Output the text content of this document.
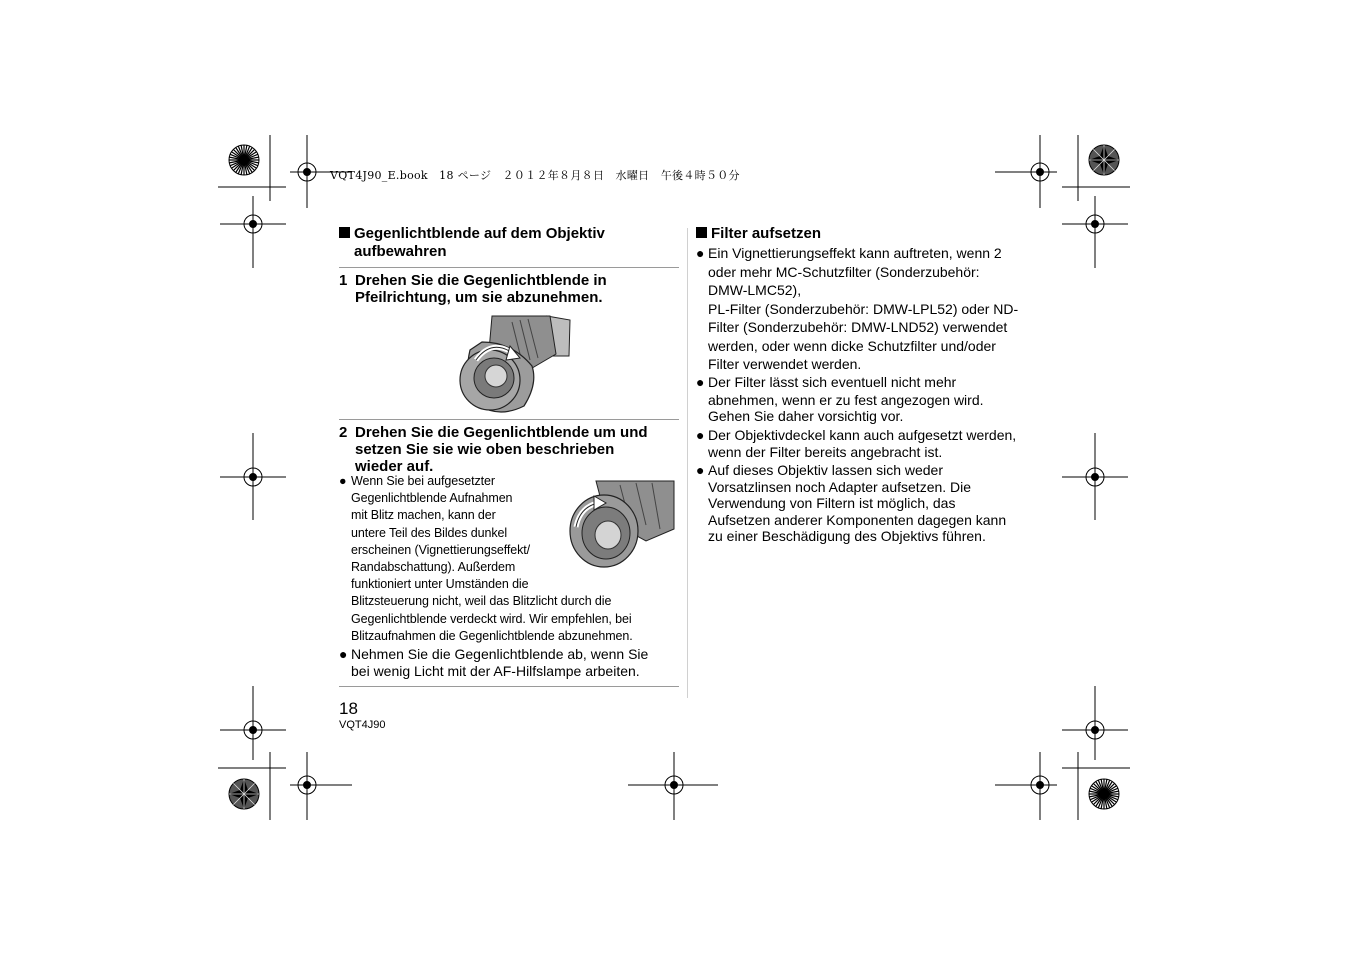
VQT4J90_E.book　18 ページ　２０１２年８月８日　水曜日　午後４時５０分
Gegenlichtblende auf dem Objektiv
aufbewahren
1 Drehen Sie die Gegenlichtblende in
Pfeilrichtung, um sie abzunehmen.
2 Drehen Sie die Gegenlichtblende um und
setzen Sie sie wie oben beschrieben
wieder auf.
● Wenn Sie bei aufgesetzter
Gegenlichtblende Aufnahmen
mit Blitz machen, kann der
untere Teil des Bildes dunkel
erscheinen (Vignettierungseffekt/
Randabschattung). Außerdem
funktioniert unter Umständen die
Blitzsteuerung nicht, weil das Blitzlicht durch die
Gegenlichtblende verdeckt wird. Wir empfehlen, bei
Blitzaufnahmen die Gegenlichtblende abzunehmen.
● Nehmen Sie die Gegenlichtblende ab, wenn Sie
bei wenig Licht mit der AF-Hilfslampe arbeiten.
18
VQT4J90
Filter aufsetzen
● Ein Vignettierungseffekt kann auftreten, wenn 2
oder mehr MC-Schutzfilter (Sonderzubehör:
DMW-LMC52),
PL-Filter (Sonderzubehör: DMW-LPL52) oder ND-
Filter (Sonderzubehör: DMW-LND52) verwendet
werden, oder wenn dicke Schutzfilter und/oder
Filter verwendet werden.
● Der Filter lässt sich eventuell nicht mehr
abnehmen, wenn er zu fest angezogen wird.
Gehen Sie daher vorsichtig vor.
● Der Objektivdeckel kann auch aufgesetzt werden,
wenn der Filter bereits angebracht ist.
● Auf dieses Objektiv lassen sich weder
Vorsatzlinsen noch Adapter aufsetzen. Die
Verwendung von Filtern ist möglich, das
Aufsetzen anderer Komponenten dagegen kann
zu einer Beschädigung des Objektivs führen.
